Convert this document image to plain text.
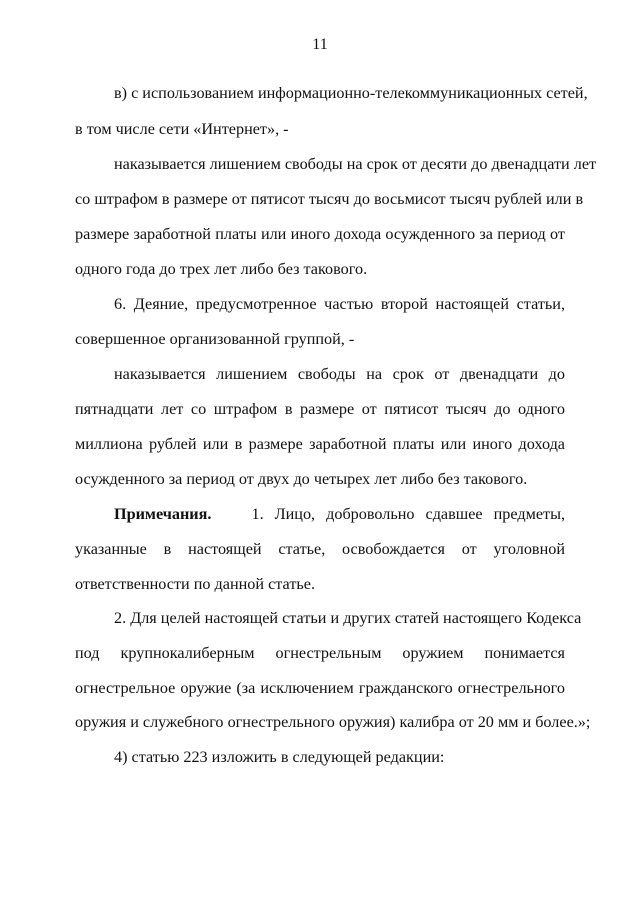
11
в) с использованием информационно-телекоммуникационных сетей,
в том числе сети «Интернет», -
наказывается лишением свободы на срок от десяти до двенадцати лет
со штрафом в размере от пятисот тысяч до восьмисот тысяч рублей или в
размере заработной платы или иного дохода осужденного за период от
одного года до трех лет либо без такового.
6. Деяние, предусмотренное частью второй настоящей статьи,
совершенное организованной группой, -
наказывается лишением свободы на срок от двенадцати до
пятнадцати лет со штрафом в размере от пятисот тысяч до одного
миллиона рублей или в размере заработной платы или иного дохода
осужденного за период от двух до четырех лет либо без такового.
Примечания. 1. Лицо, добровольно сдавшее предметы,
указанные в настоящей статье, освобождается от уголовной
ответственности по данной статье.
2. Для целей настоящей статьи и других статей настоящего Кодекса
под крупнокалиберным огнестрельным оружием понимается
огнестрельное оружие (за исключением гражданского огнестрельного
оружия и служебного огнестрельного оружия) калибра от 20 мм и более.»;
4) статью 223 изложить в следующей редакции:
